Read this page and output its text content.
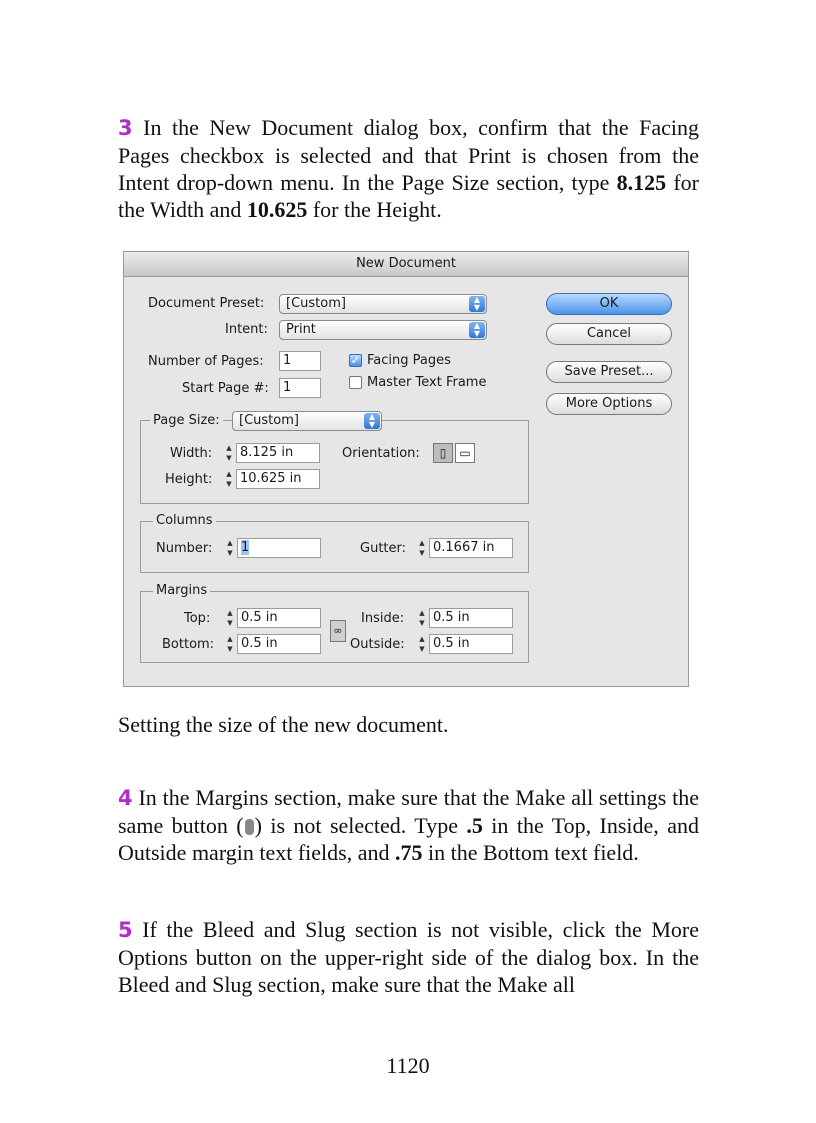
3 In the New Document dialog box, confirm that the Facing Pages checkbox is selected and that Print is chosen from the Intent drop-down menu. In the Page Size section, type 8.125 for the Width and 10.625 for the Height.

New Document
Document Preset:	[Custom]	▲
▼
Intent:	Print	▲
▼
Number of Pages:	1
Start Page #:	1
✓ Facing Pages
Master Text Frame
Page Size:	[Custom]	▲
▼
Width:	▲
▼ 8.125 in
Height:	▲
▼ 10.625 in
Orientation:	▯	▭
Columns
Number:	▲
▼ 1	Gutter:	▲
▼ 0.1667 in
Margins
Top:	▲
▼ 0.5 in
Bottom:	▲
▼ 0.5 in
∞
Inside:	▲
▼ 0.5 in
Outside:	▲
▼ 0.5 in
OK
Cancel
Save Preset...
More Options

Setting the size of the new document.

4 In the Margins section, make sure that the Make all settings the same button ( ) is not selected. Type .5 in the Top, Inside, and Outside margin text fields, and .75 in the Bottom text field.

5 If the Bleed and Slug section is not visible, click the More Options button on the upper-right side of the dialog box. In the Bleed and Slug section, make sure that the Make all

1120
